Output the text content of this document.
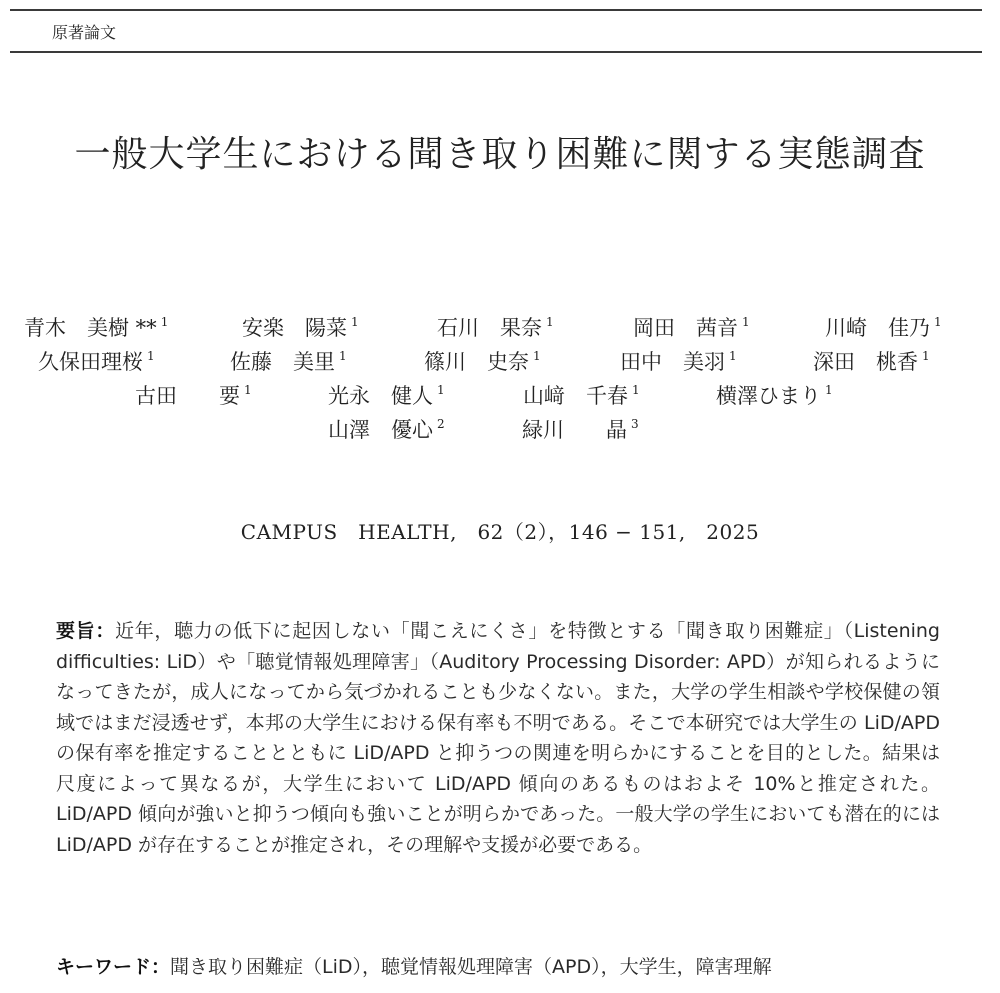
原著論文
一般大学生における聞き取り困難に関する実態調査
青木　美樹 ** $^1$	安楽　陽菜 $^1$	石川　果奈 $^1$	岡田　茜音 $^1$	川崎　佳乃 $^1$
久保田理桜 $^1$	佐藤　美里 $^1$	篠川　史奈 $^1$	田中　美羽 $^1$	深田　桃香 $^1$
古田　　要 $^1$	光永　健人 $^1$	山﨑　千春 $^1$	横澤ひまり $^1$
山澤　優心 $^2$	緑川　　晶 $^3$
CAMPUS　HEALTH,　62（2），146 − 151,　2025
要旨：近年，聴力の低下に起因しない「聞こえにくさ」を特徴とする「聞き取り困難症」（Listening difficulties: LiD）や「聴覚情報処理障害」（Auditory Processing Disorder: APD）が知られるようになってきたが，成人になってから気づかれることも少なくない。また，大学の学生相談や学校保健の領域ではまだ浸透せず，本邦の大学生における保有率も不明である。そこで本研究では大学生の LiD/APD の保有率を推定することとともに LiD/APD と抑うつの関連を明らかにすることを目的とした。結果は尺度によって異なるが，大学生において LiD/APD 傾向のあるものはおよそ 10%と推定された。LiD/APD 傾向が強いと抑うつ傾向も強いことが明らかであった。一般大学の学生においても潜在的には LiD/APD が存在することが推定され，その理解や支援が必要である。
キーワード：聞き取り困難症（LiD），聴覚情報処理障害（APD），大学生，障害理解
